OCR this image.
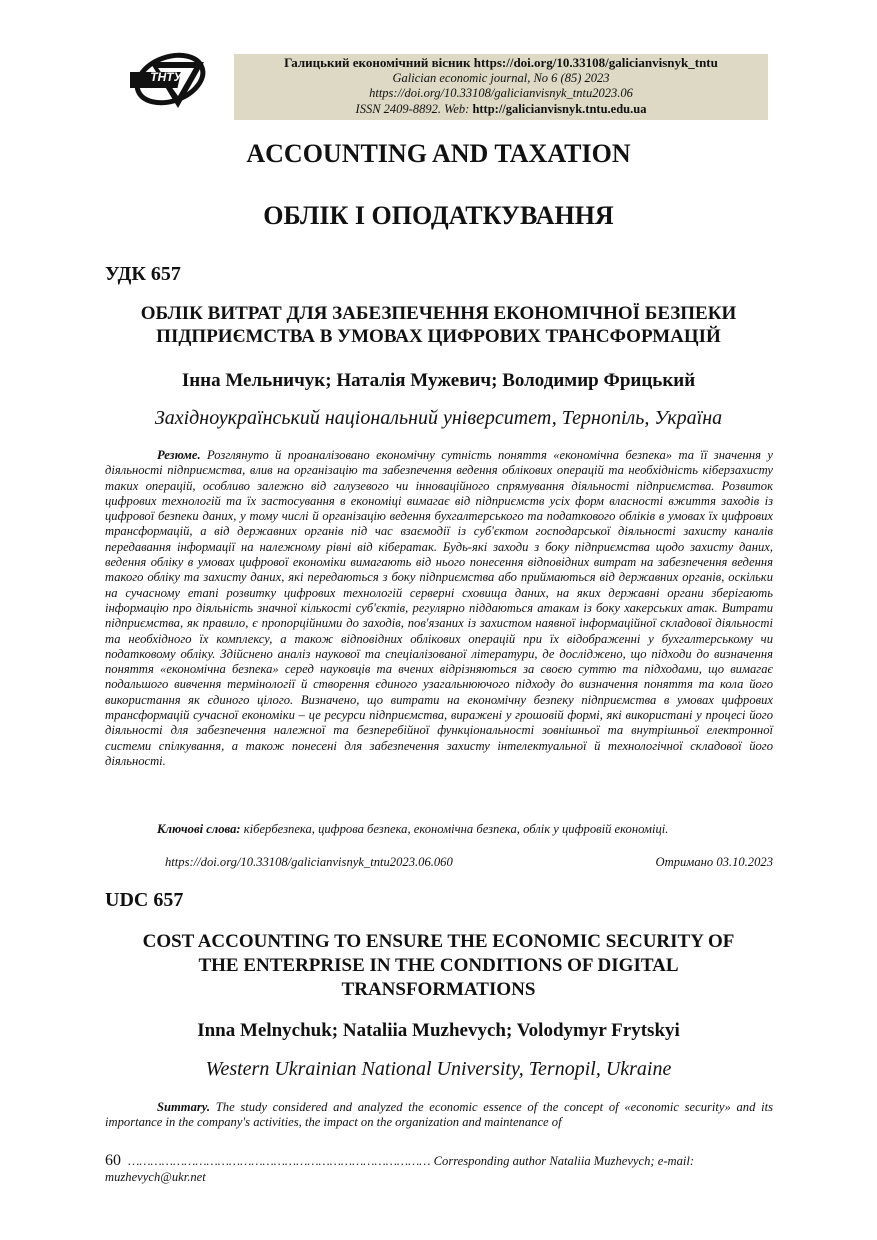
ТНТУ
Галицький економічний вісник https://doi.org/10.33108/galicianvisnyk_tntu
Galician economic journal, No 6 (85) 2023
https://doi.org/10.33108/galicianvisnyk_tntu2023.06
ISSN 2409-8892. Web: http://galicianvisnyk.tntu.edu.ua
ACCOUNTING AND TAXATION
ОБЛІК І ОПОДАТКУВАННЯ
УДК 657
ОБЛІК ВИТРАТ ДЛЯ ЗАБЕЗПЕЧЕННЯ ЕКОНОМІЧНОЇ БЕЗПЕКИ
ПІДПРИЄМСТВА В УМОВАХ ЦИФРОВИХ ТРАНСФОРМАЦІЙ
Інна Мельничук; Наталія Мужевич; Володимир Фрицький
Західноукраїнський національний університет, Тернопіль, Україна
Резюме. Розглянуто й проаналізовано економічну сутність поняття «економічна безпека» та її значення у діяльності підприємства, влив на організацію та забезпечення ведення облікових операцій та необхідність кіберзахисту таких операцій, особливо залежно від галузевого чи інноваційного спрямування діяльності підприємства. Розвиток цифрових технологій та їх застосування в економіці вимагає від підприємств усіх форм власності вжиття заходів із цифрової безпеки даних, у тому числі й організацію ведення бухгалтерського та податкового обліків в умовах їх цифрових трансформацій, а від державних органів під час взаємодії із суб'єктом господарської діяльності захисту каналів передавання інформації на належному рівні від кібератак. Будь-які заходи з боку підприємства щодо захисту даних, ведення обліку в умовах цифрової економіки вимагають від нього понесення відповідних витрат на забезпечення ведення такого обліку та захисту даних, які передаються з боку підприємства або приймаються від державних органів, оскільки на сучасному етапі розвитку цифрових технологій серверні сховища даних, на яких державні органи зберігають інформацію про діяльність значної кількості суб'єктів, регулярно піддаються атакам із боку хакерських атак. Витрати підприємства, як правило, є пропорційними до заходів, пов'язаних із захистом наявної інформаційної складової діяльності та необхідного їх комплексу, а також відповідних облікових операцій при їх відображенні у бухгалтерському чи податковому обліку. Здійснено аналіз наукової та спеціалізованої літератури, де досліджено, що підходи до визначення поняття «економічна безпека» серед науковців та вчених відрізняються за своєю суттю та підходами, що вимагає подальшого вивчення термінології й створення єдиного узагальнюючого підходу до визначення поняття та кола його використання як єдиного цілого. Визначено, що витрати на економічну безпеку підприємства в умовах цифрових трансформацій сучасної економіки – це ресурси підприємства, виражені у грошовій формі, які використані у процесі його діяльності для забезпечення належної та безперебійної функціональності зовнішньої та внутрішньої електронної системи спілкування, а також понесені для забезпечення захисту інтелектуальної й технологічної складової його діяльності.
Ключові слова: кібербезпека, цифрова безпека, економічна безпека, облік у цифровій економіці.
https://doi.org/10.33108/galicianvisnyk_tntu2023.06.060	Отримано 03.10.2023
UDC 657
COST ACCOUNTING TO ENSURE THE ECONOMIC SECURITY OF
THE ENTERPRISE IN THE CONDITIONS OF DIGITAL
TRANSFORMATIONS
Inna Melnychuk; Nataliia Muzhevych; Volodymyr Frytskyi
Western Ukrainian National University, Ternopil, Ukraine
Summary. The study considered and analyzed the economic essence of the concept of «economic security» and its importance in the company's activities, the impact on the organization and maintenance of
60 ……………………………………………………………………… Corresponding author Nataliia Muzhevych; e-mail: muzhevych@ukr.net
